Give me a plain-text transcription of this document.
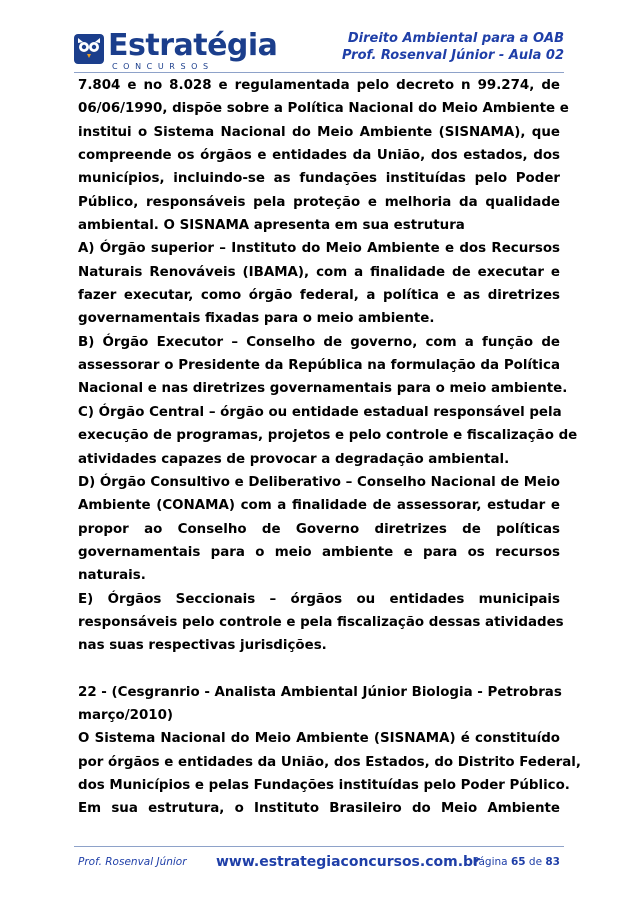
Estratégia
CONCURSOS
Direito Ambiental para a OAB
Prof. Rosenval Júnior - Aula 02

7.804 e no 8.028 e regulamentada pelo decreto n 99.274, de
06/06/1990, dispõe sobre a Política Nacional do Meio Ambiente e
institui o Sistema Nacional do Meio Ambiente (SISNAMA), que
compreende os órgãos e entidades da União, dos estados, dos
municípios, incluindo-se as fundações instituídas pelo Poder
Público, responsáveis pela proteção e melhoria da qualidade
ambiental. O SISNAMA apresenta em sua estrutura

A) Órgão superior – Instituto do Meio Ambiente e dos Recursos
Naturais Renováveis (IBAMA), com a finalidade de executar e
fazer executar, como órgão federal, a política e as diretrizes
governamentais fixadas para o meio ambiente.

B) Órgão Executor – Conselho de governo, com a função de
assessorar o Presidente da República na formulação da Política
Nacional e nas diretrizes governamentais para o meio ambiente.

C) Órgão Central – órgão ou entidade estadual responsável pela
execução de programas, projetos e pelo controle e fiscalização de
atividades capazes de provocar a degradação ambiental.

D) Órgão Consultivo e Deliberativo – Conselho Nacional de Meio
Ambiente (CONAMA) com a finalidade de assessorar, estudar e
propor ao Conselho de Governo diretrizes de políticas
governamentais para o meio ambiente e para os recursos
naturais.

E) Órgãos Seccionais – órgãos ou entidades municipais
responsáveis pelo controle e pela fiscalização dessas atividades
nas suas respectivas jurisdições.

22 - (Cesgranrio - Analista Ambiental Júnior Biologia - Petrobras
março/2010)

O Sistema Nacional do Meio Ambiente (SISNAMA) é constituído
por órgãos e entidades da União, dos Estados, do Distrito Federal,
dos Municípios e pelas Fundações instituídas pelo Poder Público.
Em sua estrutura, o Instituto Brasileiro do Meio Ambiente

Prof. Rosenval Júnior www.estrategiaconcursos.com.br
Página 65 de 83
